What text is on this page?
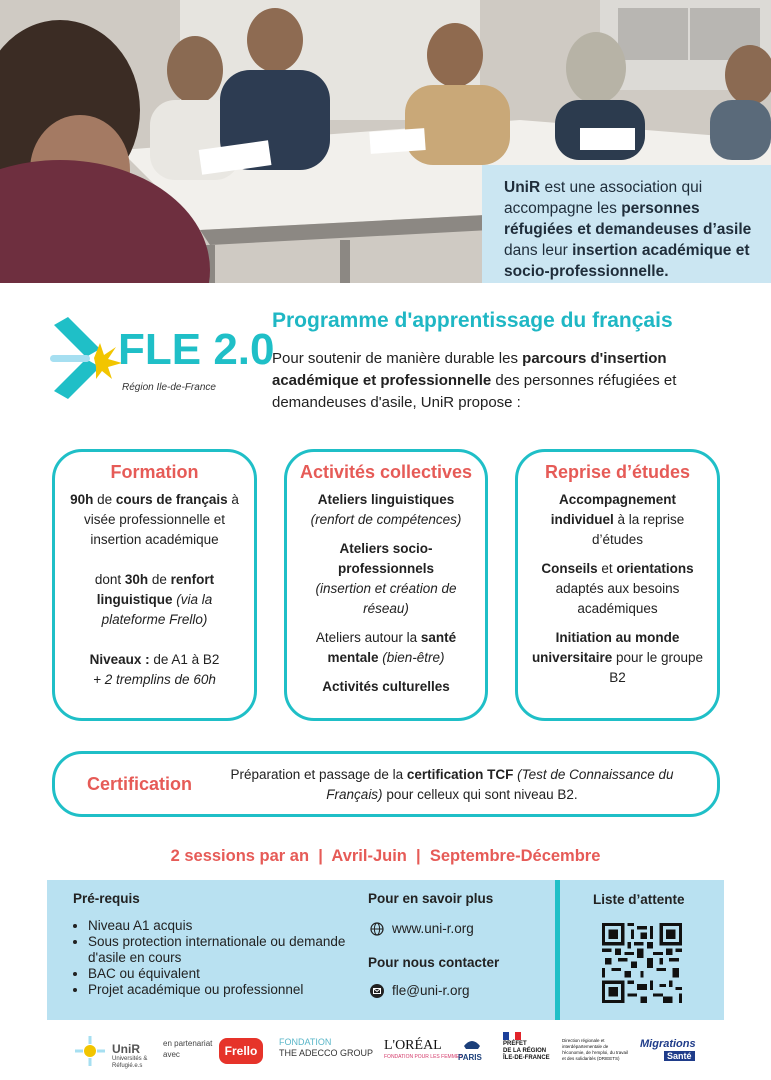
UniR est une association qui accompagne les personnes réfugiées et demandeuses d’asile dans leur insertion académique et socio-professionnelle.
FLE 2.0
Région Ile-de-France
Programme d'apprentissage du français
Pour soutenir de manière durable les parcours d'insertion académique et professionnelle des personnes réfugiées et demandeuses d'asile, UniR propose :
Formation

90h de cours de français à visée professionnelle et insertion académique

dont 30h de renfort linguistique (via la plateforme Frello)

Niveaux : de A1 à B2

+ 2 tremplins de 60h

Activités collectives

Ateliers linguistiques
(renfort de compétences)

Ateliers socio-professionnels
(insertion et création de réseau)

Ateliers autour la santé mentale (bien-être)

Activités culturelles

Reprise d’études

Accompagnement individuel à la reprise d’études

Conseils et orientations adaptés aux besoins académiques

Initiation au monde universitaire pour le groupe B2

Certification	Préparation et passage de la certification TCF (Test de Connaissance du Français) pour celleux qui sont niveau B2.
2 sessions par an  |  Avril-Juin  |  Septembre-Décembre
Pré-requis
• Niveau A1 acquis
• Sous protection internationale ou demande d'asile en cours
• BAC ou équivalent
• Projet académique ou professionnel
Pour en savoir plus
www.uni-r.org
Pour nous contacter
fle@uni-r.org
Liste d’attente
UniR
Universités & Réfugié.e.s
en partenariat avec	Frello
FONDATION
THE ADECCO GROUP L'ORÉAL
FONDATION POUR LES FEMMES
PARIS
PRÉFET
DE LA RÉGION
ÎLE-DE-FRANCE
Direction régionale et interdépartementale de l'économie, de l'emploi, du travail et des solidarités (DRIEETS)
Migrations
Santé
